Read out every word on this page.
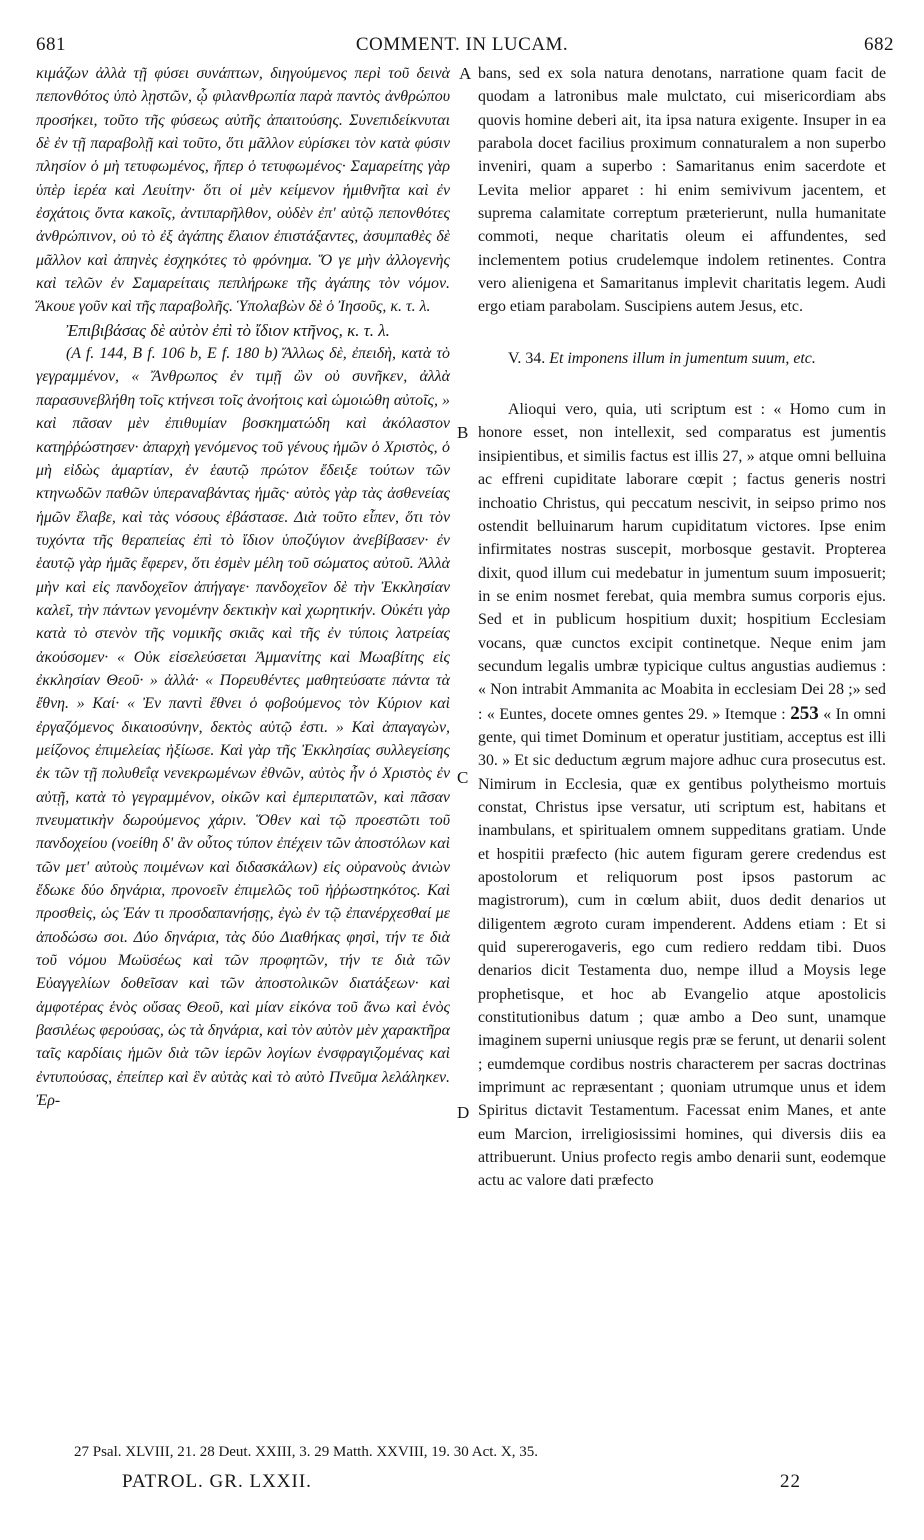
681	COMMENT. IN LUCAM.	682
A
B
C
D

κιμάζων ἀλλὰ τῇ φύσει συνάπτων, διηγούμενος περὶ τοῦ δεινὰ πεπονθότος ὑπὸ λῃστῶν, ᾧ φιλανθρωπία παρὰ παντὸς ἀνθρώπου προσήκει, τοῦτο τῆς φύσεως αὐτῆς ἀπαιτούσης. Συνεπιδείκνυται δὲ ἐν τῇ παραβολῇ καὶ τοῦτο, ὅτι μᾶλλον εὑρίσκει τὸν κατὰ φύσιν πλησίον ὁ μὴ τετυφωμένος, ἤπερ ὁ τετυφωμένος· Σαμαρείτης γὰρ ὑπὲρ ἱερέα καὶ Λευίτην· ὅτι οἱ μὲν κείμενον ἡμιθνῆτα καὶ ἐν ἐσχάτοις ὄντα κακοῖς, ἀντιπαρῆλθον, οὐδὲν ἐπ' αὐτῷ πεπονθότες ἀνθρώπινον, οὐ τὸ ἐξ ἀγάπης ἔλαιον ἐπιστάξαντες, ἀσυμπαθὲς δὲ μᾶλλον καὶ ἀπηνὲς ἐσχηκότες τὸ φρόνημα. Ὅ γε μὴν ἀλλογενὴς καὶ τελῶν ἐν Σαμαρείταις πεπλήρωκε τῆς ἀγάπης τὸν νόμον. Ἄκουε γοῦν καὶ τῆς παραβολῆς. Ὑπολαβὼν δὲ ὁ Ἰησοῦς, κ. τ. λ.

Ἐπιβιβάσας δὲ αὐτὸν ἐπὶ τὸ ἴδιον κτῆνος, κ. τ. λ.

(A f. 144, B f. 106 b, E f. 180 b) Ἄλλως δὲ, ἐπειδὴ, κατὰ τὸ γεγραμμένον, « Ἄνθρωπος ἐν τιμῇ ὢν οὐ συνῆκεν, ἀλλὰ παρασυνεβλήθη τοῖς κτήνεσι τοῖς ἀνοήτοις καὶ ὡμοιώθη αὐτοῖς, » καὶ πᾶσαν μὲν ἐπιθυμίαν βοσκηματώδη καὶ ἀκόλαστον κατηῤῥώστησεν· ἀπαρχὴ γενόμενος τοῦ γένους ἡμῶν ὁ Χριστὸς, ὁ μὴ εἰδὼς ἁμαρτίαν, ἐν ἑαυτῷ πρώτον ἔδειξε τούτων τῶν κτηνωδῶν παθῶν ὑπεραναβάντας ἡμᾶς· αὐτὸς γὰρ τὰς ἀσθενείας ἡμῶν ἔλαβε, καὶ τὰς νόσους ἐβάστασε. Διὰ τοῦτο εἶπεν, ὅτι τὸν τυχόντα τῆς θεραπείας ἐπὶ τὸ ἴδιον ὑποζύγιον ἀνεβίβασεν· ἐν ἑαυτῷ γὰρ ἡμᾶς ἔφερεν, ὅτι ἐσμὲν μέλη τοῦ σώματος αὐτοῦ. Ἀλλὰ μὴν καὶ εἰς πανδοχεῖον ἀπήγαγε· πανδοχεῖον δὲ τὴν Ἐκκλησίαν καλεῖ, τὴν πάντων γενομένην δεκτικὴν καὶ χωρητικήν. Οὐκέτι γὰρ κατὰ τὸ στενὸν τῆς νομικῆς σκιᾶς καὶ τῆς ἐν τύποις λατρείας ἀκούσομεν· « Οὐκ εἰσελεύσεται Ἀμμανίτης καὶ Μωαβίτης εἰς ἐκκλησίαν Θεοῦ· » ἀλλά· « Πορευθέντες μαθητεύσατε πάντα τὰ ἔθνη. » Καί· « Ἐν παντὶ ἔθνει ὁ φοβούμενος τὸν Κύριον καὶ ἐργαζόμενος δικαιοσύνην, δεκτὸς αὐτῷ ἐστι. » Καὶ ἀπαγαγὼν, μείζονος ἐπιμελείας ἠξίωσε. Καὶ γὰρ τῆς Ἐκκλησίας συλλεγείσης ἐκ τῶν τῇ πολυθεΐᾳ νενεκρωμένων ἐθνῶν, αὐτὸς ἦν ὁ Χριστὸς ἐν αὐτῇ, κατὰ τὸ γεγραμμένον, οἰκῶν καὶ ἐμπεριπατῶν, καὶ πᾶσαν πνευματικὴν δωρούμενος χάριν. Ὅθεν καὶ τῷ προεστῶτι τοῦ πανδοχείου (νοείθη δ' ἂν οὗτος τύπον ἐπέχειν τῶν ἀποστόλων καὶ τῶν μετ' αὐτοὺς ποιμένων καὶ διδασκάλων) εἰς οὐρανοὺς ἀνιὼν ἔδωκε δύο δηνάρια, προνοεῖν ἐπιμελῶς τοῦ ἠῤῥωστηκότος. Καὶ προσθεὶς, ὡς Ἐάν τι προσδαπανήσῃς, ἐγὼ ἐν τῷ ἐπανέρχεσθαί με ἀποδώσω σοι. Δύο δηνάρια, τὰς δύο Διαθήκας φησὶ, τήν τε διὰ τοῦ νόμου Μωϋσέως καὶ τῶν προφητῶν, τήν τε διὰ τῶν Εὐαγγελίων δοθεῖσαν καὶ τῶν ἀποστολικῶν διατάξεων· καὶ ἀμφοτέρας ἑνὸς οὔσας Θεοῦ, καὶ μίαν εἰκόνα τοῦ ἄνω καὶ ἑνὸς βασιλέως φερούσας, ὡς τὰ δηνάρια, καὶ τὸν αὐτὸν μὲν χαρακτῆρα ταῖς καρδίαις ἡμῶν διὰ τῶν ἱερῶν λογίων ἐνσφραγιζομένας καὶ ἐντυπούσας, ἐπείπερ καὶ ἓν αὐτὰς καὶ τὸ αὐτὸ Πνεῦμα λελάληκεν. Ἐρ-

bans, sed ex sola natura denotans, narratione quam facit de quodam a latronibus male mulctato, cui misericordiam abs quovis homine deberi ait, ita ipsa natura exigente. Insuper in ea parabola docet facilius proximum connaturalem a non superbo inveniri, quam a superbo : Samaritanus enim sacerdote et Levita melior apparet : hi enim semivivum jacentem, et suprema calamitate correptum præterierunt, nulla humanitate commoti, neque charitatis oleum ei affundentes, sed inclementem potius crudelemque indolem retinentes. Contra vero alienigena et Samaritanus implevit charitatis legem. Audi ergo etiam parabolam. Suscipiens autem Jesus, etc.

V. 34. Et imponens illum in jumentum suum, etc.

Alioqui vero, quia, uti scriptum est : « Homo cum in honore esset, non intellexit, sed comparatus est jumentis insipientibus, et similis factus est illis 27, » atque omni belluina ac effreni cupiditate laborare cœpit ; factus generis nostri inchoatio Christus, qui peccatum nescivit, in seipso primo nos ostendit belluinarum harum cupiditatum victores. Ipse enim infirmitates nostras suscepit, morbosque gestavit. Propterea dixit, quod illum cui medebatur in jumentum suum imposuerit; in se enim nosmet ferebat, quia membra sumus corporis ejus. Sed et in publicum hospitium duxit; hospitium Ecclesiam vocans, quæ cunctos excipit continetque. Neque enim jam secundum legalis umbræ typicique cultus angustias audiemus : « Non intrabit Ammanita ac Moabita in ecclesiam Dei 28 ;» sed : « Euntes, docete omnes gentes 29. » Itemque : 253 « In omni gente, qui timet Dominum et operatur justitiam, acceptus est illi 30. » Et sic deductum ægrum majore adhuc cura prosecutus est. Nimirum in Ecclesia, quæ ex gentibus polytheismo mortuis constat, Christus ipse versatur, uti scriptum est, habitans et inambulans, et spiritualem omnem suppeditans gratiam. Unde et hospitii præfecto (hic autem figuram gerere credendus est apostolorum et reliquorum post ipsos pastorum ac magistrorum), cum in cœlum abiit, duos dedit denarios ut diligentem ægroto curam impenderent. Addens etiam : Et si quid supererogaveris, ego cum rediero reddam tibi. Duos denarios dicit Testamenta duo, nempe illud a Moysis lege prophetisque, et hoc ab Evangelio atque apostolicis constitutionibus datum ; quæ ambo a Deo sunt, unamque imaginem superni uniusque regis præ se ferunt, ut denarii solent ; eumdemque cordibus nostris characterem per sacras doctrinas imprimunt ac repræsentant ; quoniam utrumque unus et idem Spiritus dictavit Testamentum. Facessat enim Manes, et ante eum Marcion, irreligiosissimi homines, qui diversis diis ea attribuerunt. Unius profecto regis ambo denarii sunt, eodemque actu ac valore dati præfecto

27 Psal. XLVIII, 21. 28 Deut. XXIII, 3. 29 Matth. XXVIII, 19. 30 Act. X, 35.
PATROL. GR. LXXII.	22
